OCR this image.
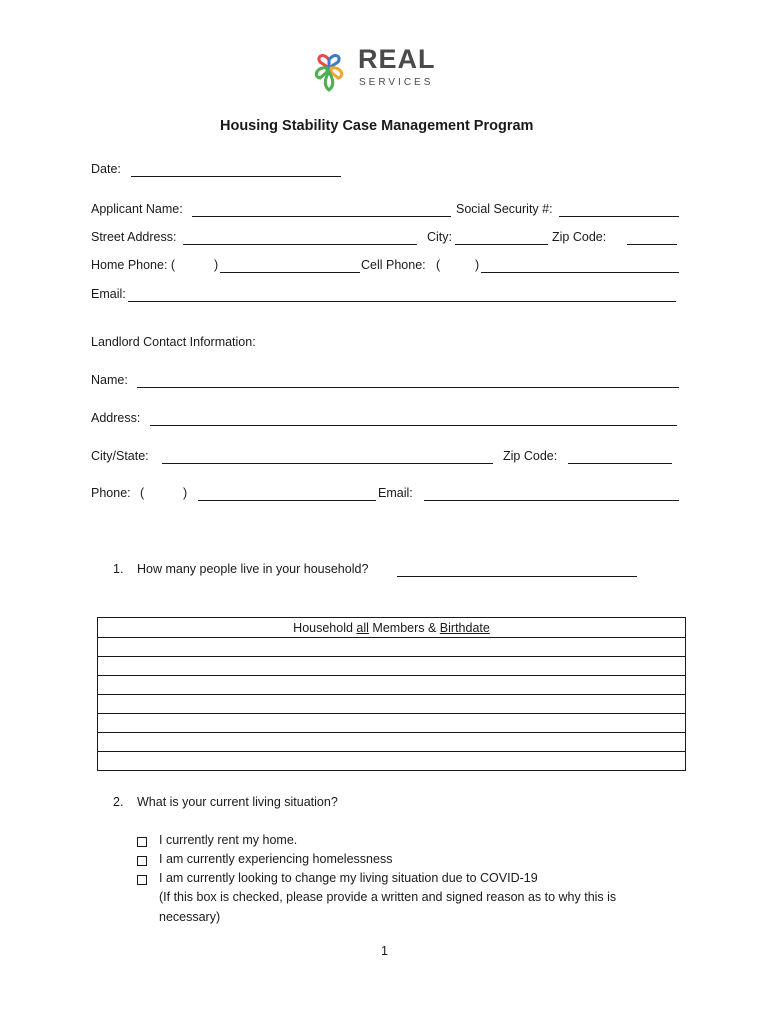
REAL
SERVICES
Housing Stability Case Management Program
Date:
Applicant Name:	Social Security #:
Street Address:	City:	Zip Code:
Home Phone: (	)	Cell Phone: (	)
Email:
Landlord Contact Information:
Name:
Address:
City/State:	Zip Code:
Phone: (	)	Email:
1. How many people live in your household?
Household all Members & Birthdate

2. What is your current living situation?
I currently rent my home.
I am currently experiencing homelessness
I am currently looking to change my living situation due to COVID-19
(If this box is checked, please provide a written and signed reason as to why this is
necessary)
1
